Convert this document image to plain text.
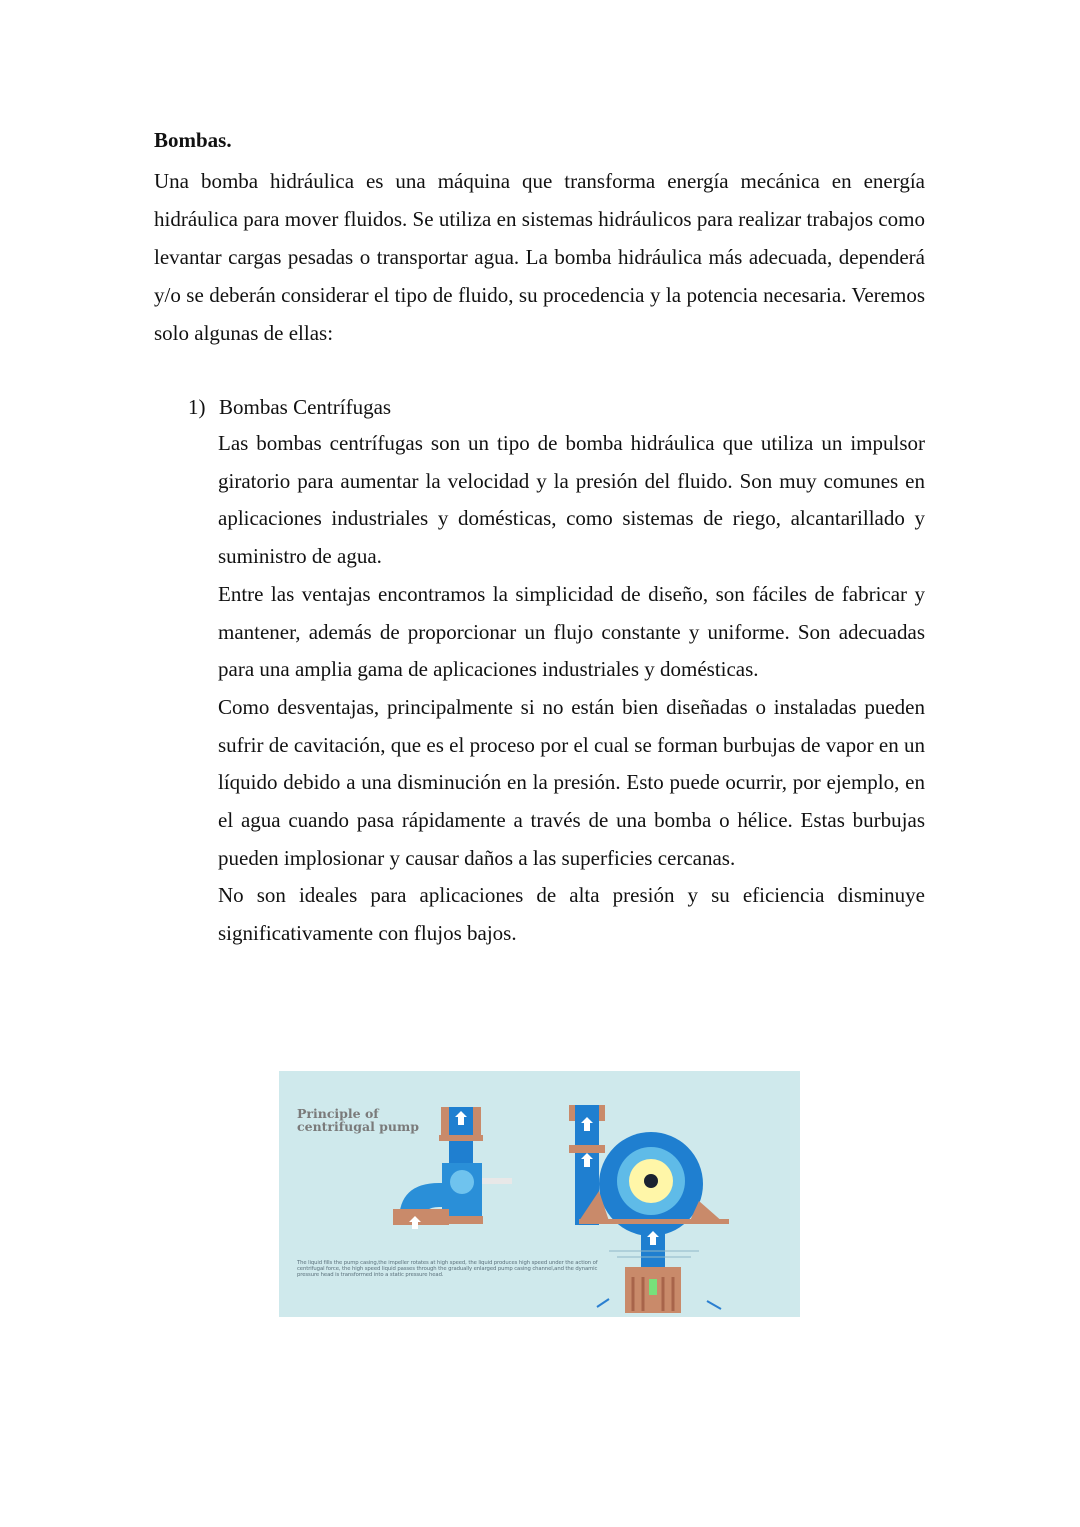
Bombas.

Una bomba hidráulica es una máquina que transforma energía mecánica en energía hidráulica para mover fluidos. Se utiliza en sistemas hidráulicos para realizar trabajos como levantar cargas pesadas o transportar agua. La bomba hidráulica más adecuada, dependerá y/o se deberán considerar el tipo de fluido, su procedencia y la potencia necesaria. Veremos solo algunas de ellas:

1) Bombas Centrífugas

Las bombas centrífugas son un tipo de bomba hidráulica que utiliza un impulsor giratorio para aumentar la velocidad y la presión del fluido. Son muy comunes en aplicaciones industriales y domésticas, como sistemas de riego, alcantarillado y suministro de agua.

Entre las ventajas encontramos la simplicidad de diseño, son fáciles de fabricar y mantener, además de proporcionar un flujo constante y uniforme. Son adecuadas para una amplia gama de aplicaciones industriales y domésticas.

Como desventajas, principalmente si no están bien diseñadas o instaladas pueden sufrir de cavitación, que es el proceso por el cual se forman burbujas de vapor en un líquido debido a una disminución en la presión. Esto puede ocurrir, por ejemplo, en el agua cuando pasa rápidamente a través de una bomba o hélice. Estas burbujas pueden implosionar y causar daños a las superficies cercanas.

No son ideales para aplicaciones de alta presión y su eficiencia disminuye significativamente con flujos bajos.

Principle of
centrifugal pump

The liquid fills the pump casing,the impeller rotates at high speed, the liquid produces high speed under the action of centrifugal force, the high speed liquid passes through the gradually enlarged pump casing channel,and the dynamic pressure head is transformed into a static pressure head.
